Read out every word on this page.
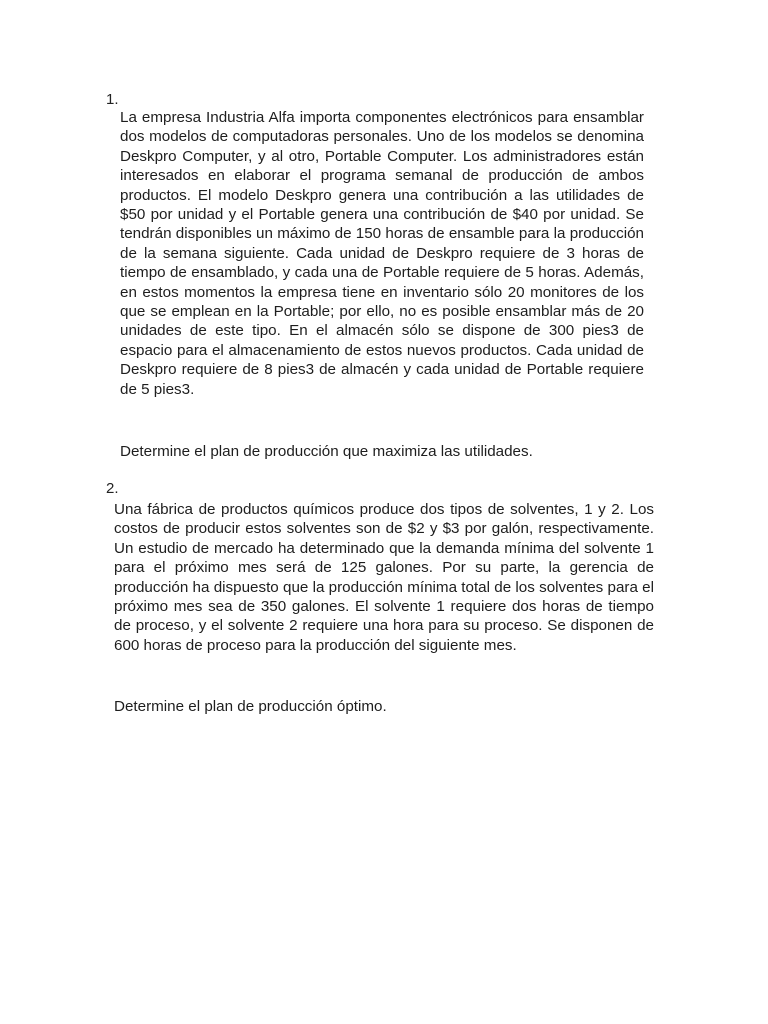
1.
La empresa Industria Alfa importa componentes electrónicos para ensamblar dos modelos de computadoras personales. Uno de los modelos se denomina Deskpro Computer, y al otro, Portable Computer. Los administradores están interesados en elaborar el programa semanal de producción de ambos productos. El modelo Deskpro genera una contribución a las utilidades de $50 por unidad y el Portable genera una contribución de $40 por unidad. Se tendrán disponibles un máximo de 150 horas de ensamble para la producción de la semana siguiente. Cada unidad de Deskpro requiere de 3 horas de tiempo de ensamblado, y cada una de Portable requiere de 5 horas. Además, en estos momentos la empresa tiene en inventario sólo 20 monitores de los que se emplean en la Portable; por ello, no es posible ensamblar más de 20 unidades de este tipo. En el almacén sólo se dispone de 300 pies3 de espacio para el almacenamiento de estos nuevos productos. Cada unidad de Deskpro requiere de 8 pies3 de almacén y cada unidad de Portable requiere de 5 pies3.
Determine el plan de producción que maximiza las utilidades.
2.
Una fábrica de productos químicos produce dos tipos de solventes, 1 y 2. Los costos de producir estos solventes son de $2 y $3 por galón, respectivamente. Un estudio de mercado ha determinado que la demanda mínima del solvente 1 para el próximo mes será de 125 galones. Por su parte, la gerencia de producción ha dispuesto que la producción mínima total de los solventes para el próximo mes sea de 350 galones. El solvente 1 requiere dos horas de tiempo de proceso, y el solvente 2 requiere una hora para su proceso. Se disponen de 600 horas de proceso para la producción del siguiente mes.
Determine el plan de producción óptimo.
